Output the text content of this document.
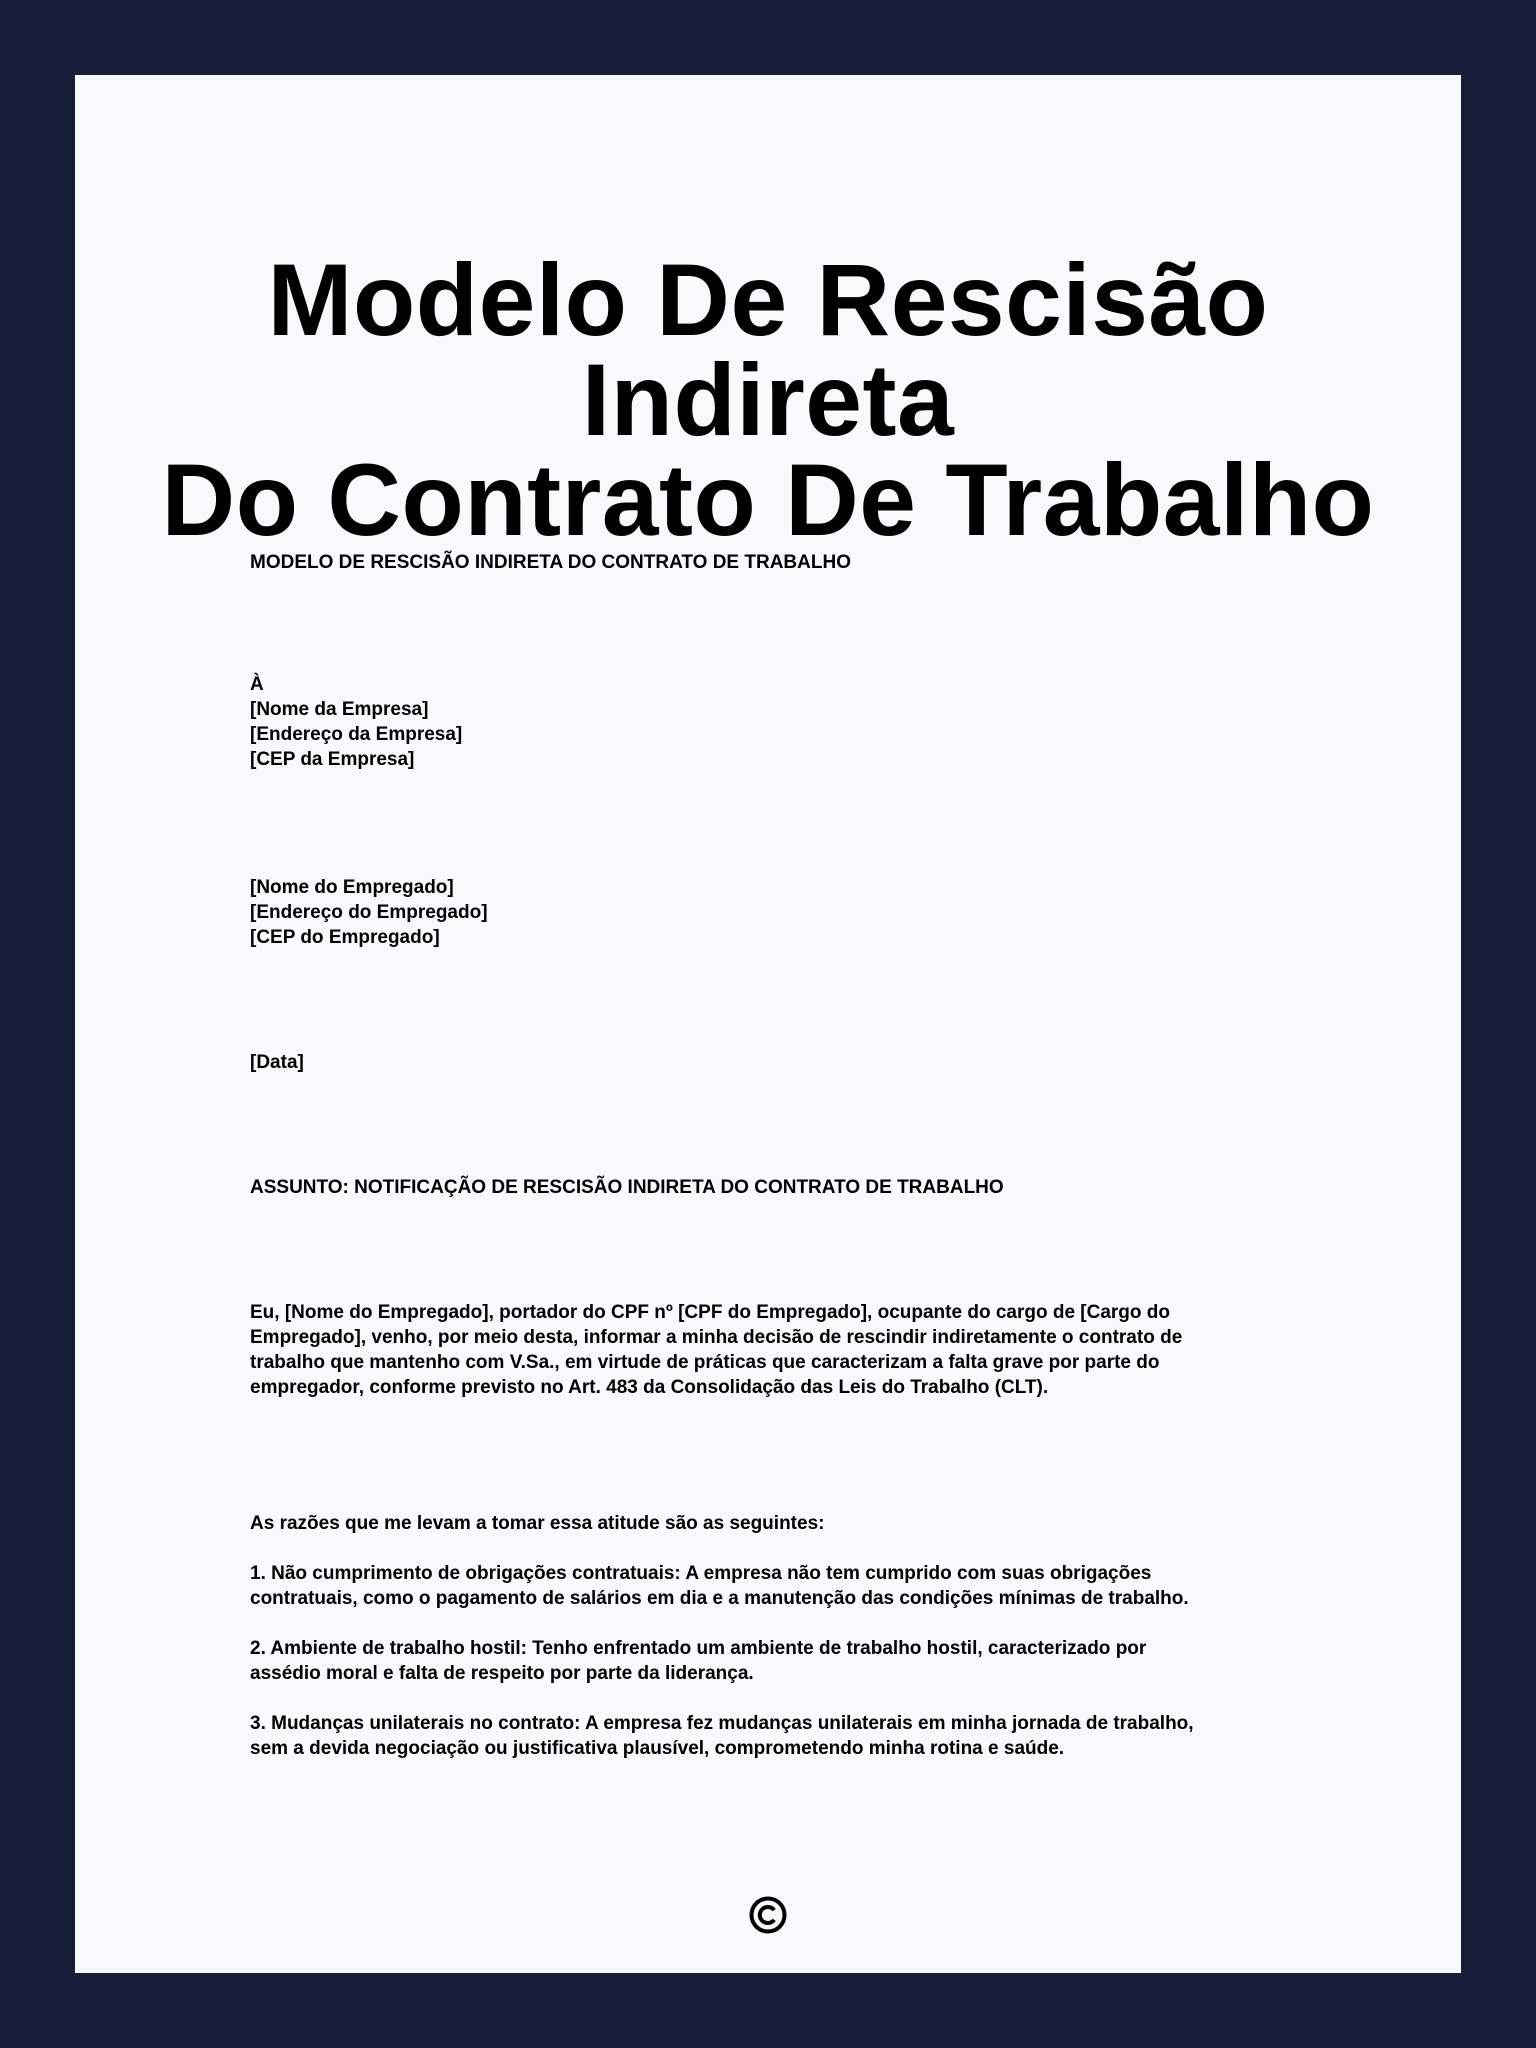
Modelo De Rescisão Indireta
Do Contrato De Trabalho

MODELO DE RESCISÃO INDIRETA DO CONTRATO DE TRABALHO

À
[Nome da Empresa]
[Endereço da Empresa]
[CEP da Empresa]
[Nome do Empregado]
[Endereço do Empregado]
[CEP do Empregado]

[Data]

ASSUNTO: NOTIFICAÇÃO DE RESCISÃO INDIRETA DO CONTRATO DE TRABALHO

Eu, [Nome do Empregado], portador do CPF nº [CPF do Empregado], ocupante do cargo de [Cargo do
Empregado], venho, por meio desta, informar a minha decisão de rescindir indiretamente o contrato de
trabalho que mantenho com V.Sa., em virtude de práticas que caracterizam a falta grave por parte do
empregador, conforme previsto no Art. 483 da Consolidação das Leis do Trabalho (CLT).

As razões que me levam a tomar essa atitude são as seguintes:

1. Não cumprimento de obrigações contratuais: A empresa não tem cumprido com suas obrigações
contratuais, como o pagamento de salários em dia e a manutenção das condições mínimas de trabalho.

2. Ambiente de trabalho hostil: Tenho enfrentado um ambiente de trabalho hostil, caracterizado por
assédio moral e falta de respeito por parte da liderança.

3. Mudanças unilaterais no contrato: A empresa fez mudanças unilaterais em minha jornada de trabalho,
sem a devida negociação ou justificativa plausível, comprometendo minha rotina e saúde.
